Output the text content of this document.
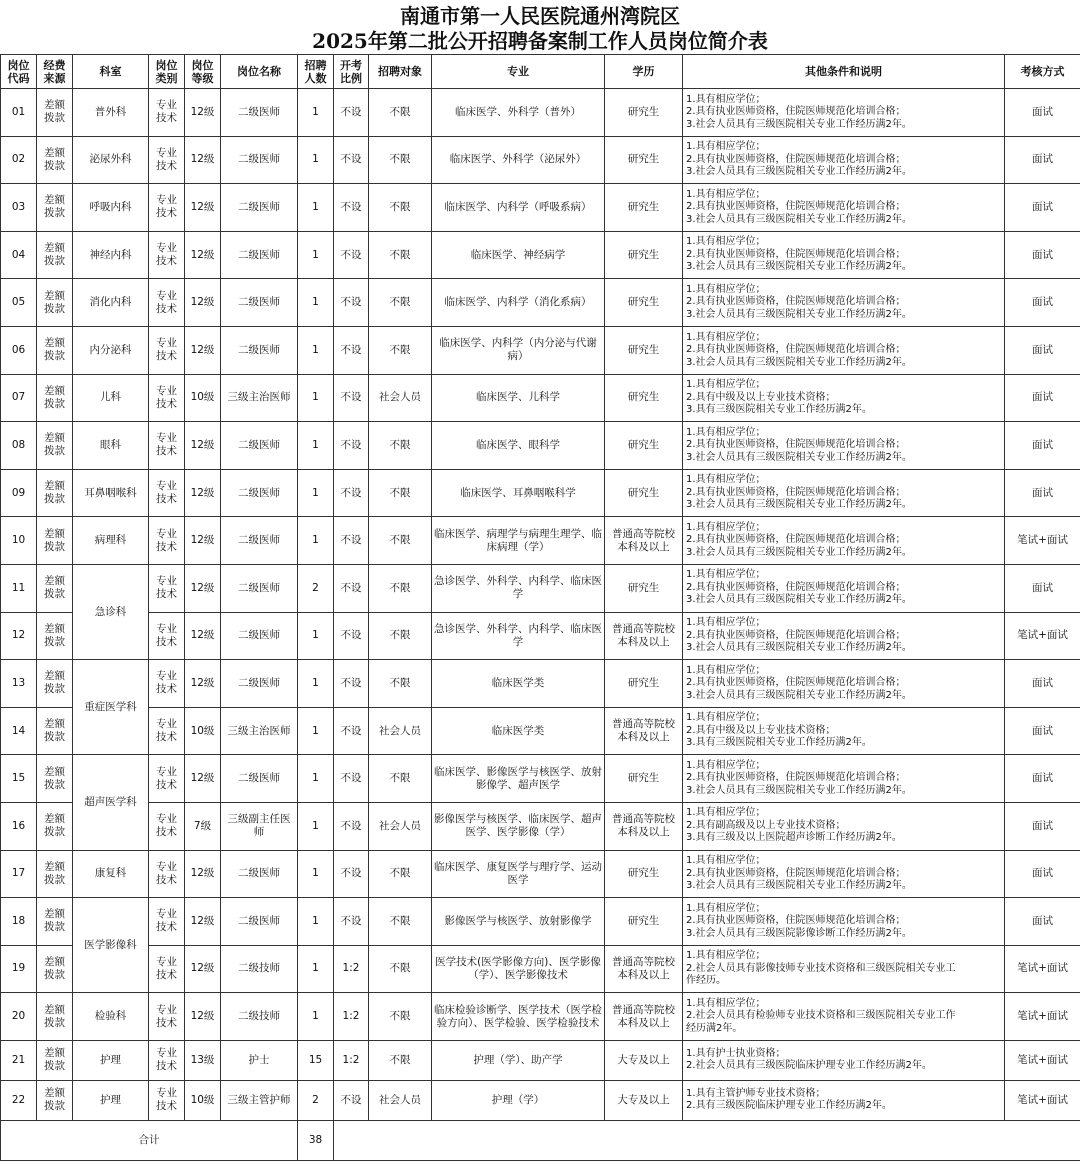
南通市第一人民医院通州湾院区
2025年第二批公开招聘备案制工作人员岗位简介表
岗位代码	经费来源	科室	岗位类别	岗位等级	岗位名称	招聘人数	开考比例	招聘对象	专业	学历	其他条件和说明	考核方式
01	差额拨款	普外科	专业技术	12级	二级医师	1	不设	不限	临床医学、外科学（普外）	研究生	1.具有相应学位；
2.具有执业医师资格，住院医师规范化培训合格；
3.社会人员具有三级医院相关专业工作经历满2年。	面试
02	差额拨款	泌尿外科	专业技术	12级	二级医师	1	不设	不限	临床医学、外科学（泌尿外）	研究生	1.具有相应学位；
2.具有执业医师资格，住院医师规范化培训合格；
3.社会人员具有三级医院相关专业工作经历满2年。	面试
03	差额拨款	呼吸内科	专业技术	12级	二级医师	1	不设	不限	临床医学、内科学（呼吸系病）	研究生	1.具有相应学位；
2.具有执业医师资格，住院医师规范化培训合格；
3.社会人员具有三级医院相关专业工作经历满2年。	面试
04	差额拨款	神经内科	专业技术	12级	二级医师	1	不设	不限	临床医学、神经病学	研究生	1.具有相应学位；
2.具有执业医师资格，住院医师规范化培训合格；
3.社会人员具有三级医院相关专业工作经历满2年。	面试
05	差额拨款	消化内科	专业技术	12级	二级医师	1	不设	不限	临床医学、内科学（消化系病）	研究生	1.具有相应学位；
2.具有执业医师资格，住院医师规范化培训合格；
3.社会人员具有三级医院相关专业工作经历满2年。	面试
06	差额拨款	内分泌科	专业技术	12级	二级医师	1	不设	不限	临床医学、内科学（内分泌与代谢病）	研究生	1.具有相应学位；
2.具有执业医师资格，住院医师规范化培训合格；
3.社会人员具有三级医院相关专业工作经历满2年。	面试
07	差额拨款	儿科	专业技术	10级	三级主治医师	1	不设	社会人员	临床医学、儿科学	研究生	1.具有相应学位；
2.具有中级及以上专业技术资格；
3.具有三级医院相关专业工作经历满2年。	面试
08	差额拨款	眼科	专业技术	12级	二级医师	1	不设	不限	临床医学、眼科学	研究生	1.具有相应学位；
2.具有执业医师资格，住院医师规范化培训合格；
3.社会人员具有三级医院相关专业工作经历满2年。	面试
09	差额拨款	耳鼻咽喉科	专业技术	12级	二级医师	1	不设	不限	临床医学、耳鼻咽喉科学	研究生	1.具有相应学位；
2.具有执业医师资格，住院医师规范化培训合格；
3.社会人员具有三级医院相关专业工作经历满2年。	面试
10	差额拨款	病理科	专业技术	12级	二级医师	1	不设	不限	临床医学、病理学与病理生理学、临床病理（学）	普通高等院校本科及以上	1.具有相应学位；
2.具有执业医师资格，住院医师规范化培训合格；
3.社会人员具有三级医院相关专业工作经历满2年。	笔试+面试
11	差额拨款	急诊科	专业技术	12级	二级医师	2	不设	不限	急诊医学、外科学、内科学、临床医学	研究生	1.具有相应学位；
2.具有执业医师资格，住院医师规范化培训合格；
3.社会人员具有三级医院相关专业工作经历满2年。	面试
12	差额拨款		专业技术	12级	二级医师	1	不设	不限	急诊医学、外科学、内科学、临床医学	普通高等院校本科及以上	1.具有相应学位；
2.具有执业医师资格，住院医师规范化培训合格；
3.社会人员具有三级医院相关专业工作经历满2年。	笔试+面试
13	差额拨款	重症医学科	专业技术	12级	二级医师	1	不设	不限	临床医学类	研究生	1.具有相应学位；
2.具有执业医师资格，住院医师规范化培训合格；
3.社会人员具有三级医院相关专业工作经历满2年。	面试
14	差额拨款		专业技术	10级	三级主治医师	1	不设	社会人员	临床医学类	普通高等院校本科及以上	1.具有相应学位；
2.具有中级及以上专业技术资格；
3.具有三级医院相关专业工作经历满2年。	面试
15	差额拨款	超声医学科	专业技术	12级	二级医师	1	不设	不限	临床医学、影像医学与核医学、放射影像学、超声医学	研究生	1.具有相应学位；
2.具有执业医师资格，住院医师规范化培训合格；
3.社会人员具有三级医院相关专业工作经历满2年。	面试
16	差额拨款		专业技术	7级	三级副主任医师	1	不设	社会人员	影像医学与核医学、临床医学、超声医学、医学影像（学）	普通高等院校本科及以上	1.具有相应学位；
2.具有副高级及以上专业技术资格；
3.具有三级及以上医院超声诊断工作经历满2年。	面试
17	差额拨款	康复科	专业技术	12级	二级医师	1	不设	不限	临床医学、康复医学与理疗学、运动医学	研究生	1.具有相应学位；
2.具有执业医师资格，住院医师规范化培训合格；
3.社会人员具有三级医院相关专业工作经历满2年。	面试
18	差额拨款	医学影像科	专业技术	12级	二级医师	1	不设	不限	影像医学与核医学、放射影像学	研究生	1.具有相应学位；
2.具有执业医师资格，住院医师规范化培训合格；
3.社会人员具有三级医院影像诊断工作经历满2年。	面试
19	差额拨款		专业技术	12级	二级技师	1	1:2	不限	医学技术(医学影像方向)、医学影像（学）、医学影像技术	普通高等院校本科及以上	1.具有相应学位；
2.社会人员具有影像技师专业技术资格和三级医院相关专业工
作经历。	笔试+面试
20	差额拨款	检验科	专业技术	12级	二级技师	1	1:2	不限	临床检验诊断学、医学技术（医学检验方向）、医学检验、医学检验技术	普通高等院校本科及以上	1.具有相应学位；
2.社会人员具有检验师专业技术资格和三级医院相关专业工作
经历满2年。	笔试+面试
21	差额拨款	护理	专业技术	13级	护士	15	1:2	不限	护理（学）、助产学	大专及以上	1.具有护士执业资格；
2.社会人员具有三级医院临床护理专业工作经历满2年。	笔试+面试
22	差额拨款	护理	专业技术	10级	三级主管护师	2	不设	社会人员	护理（学）	大专及以上	1.具有主管护师专业技术资格；
2.具有三级医院临床护理专业工作经历满2年。	笔试+面试
合计						38						
